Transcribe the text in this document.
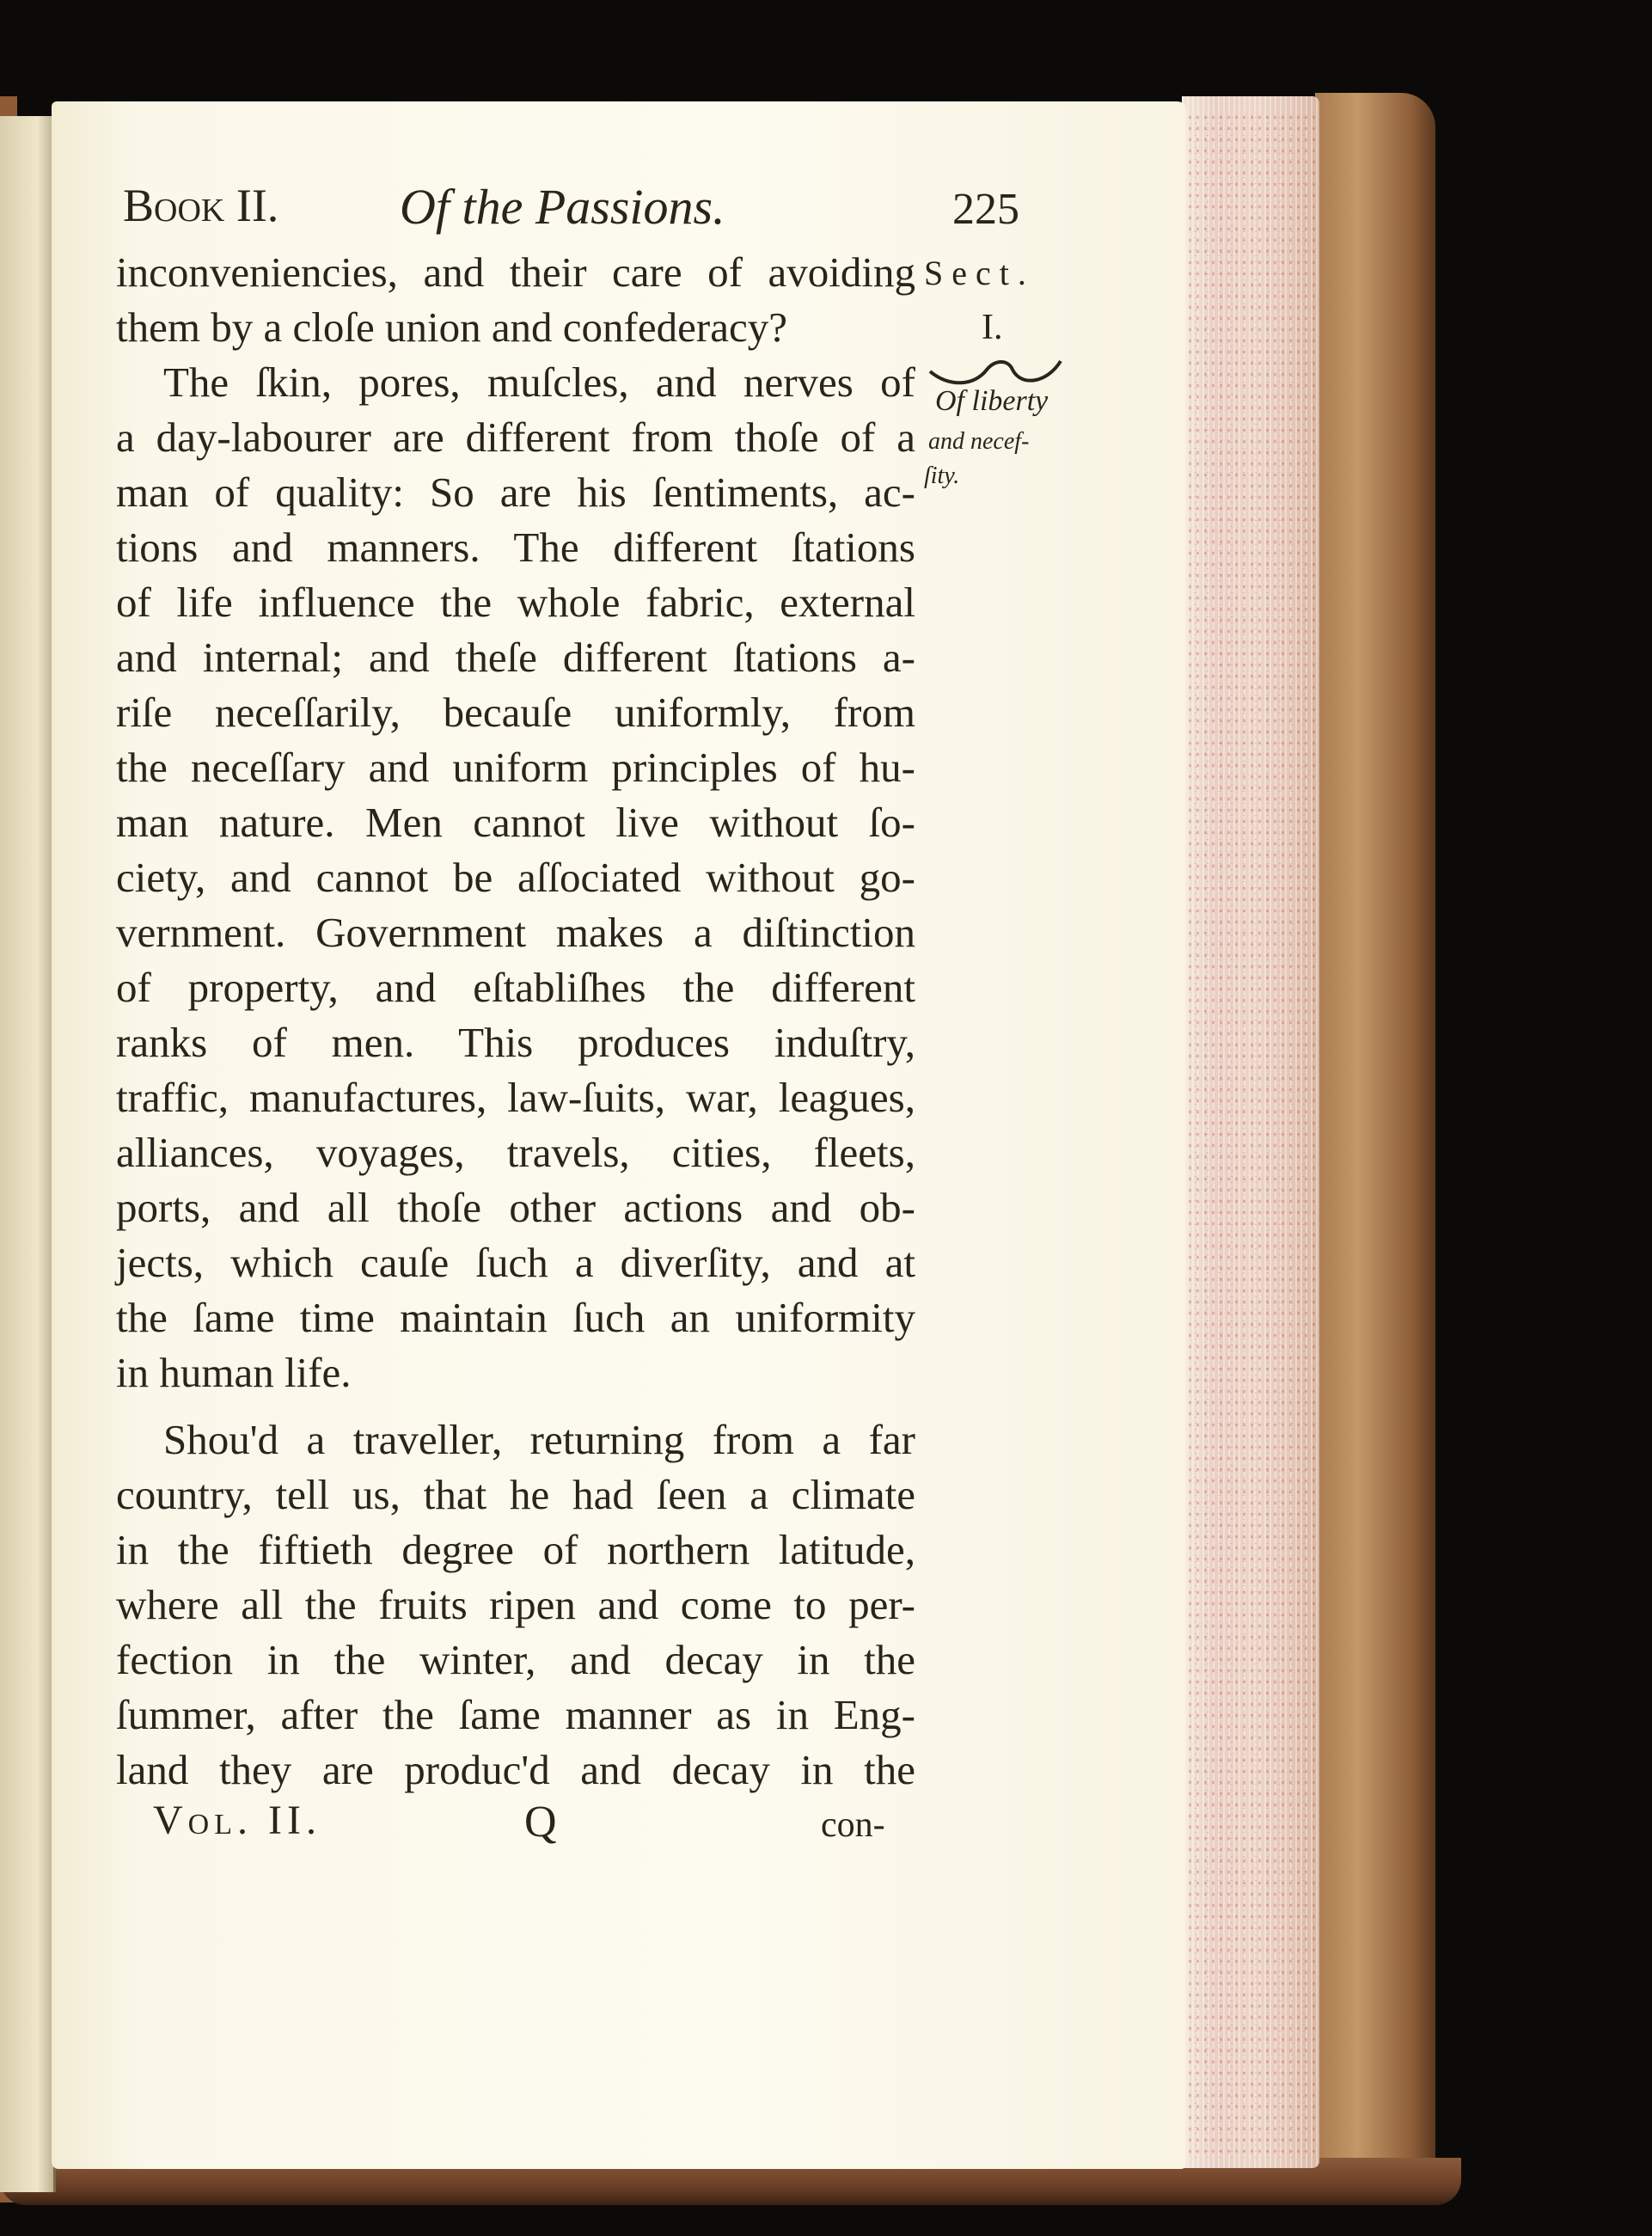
Book II. Of the Passions.	225
Sect.
I.
Of liberty
and necef-
ſity.
inconveniencies, and their care of avoiding
them by a cloſe union and confederacy?
The ſkin, pores, muſcles, and nerves of
a day-labourer are different from thoſe of a
man of quality: So are his ſentiments, ac-
tions and manners. The different ſtations
of life influence the whole fabric, external
and internal; and theſe different ſtations a-
riſe neceſſarily, becauſe uniformly, from
the neceſſary and uniform principles of hu-
man nature. Men cannot live without ſo-
ciety, and cannot be aſſociated without go-
vernment. Government makes a diſtinction
of property, and eſtabliſhes the different
ranks of men. This produces induſtry,
traffic, manufactures, law-ſuits, war, leagues,
alliances, voyages, travels, cities, fleets,
ports, and all thoſe other actions and ob-
jects, which cauſe ſuch a diverſity, and at
the ſame time maintain ſuch an uniformity
in human life.
Shou'd a traveller, returning from a far
country, tell us, that he had ſeen a climate
in the fiftieth degree of northern latitude,
where all the fruits ripen and come to per-
fection in the winter, and decay in the
ſummer, after the ſame manner as in Eng-
land they are produc'd and decay in the
Vol. II.	Q	con-
